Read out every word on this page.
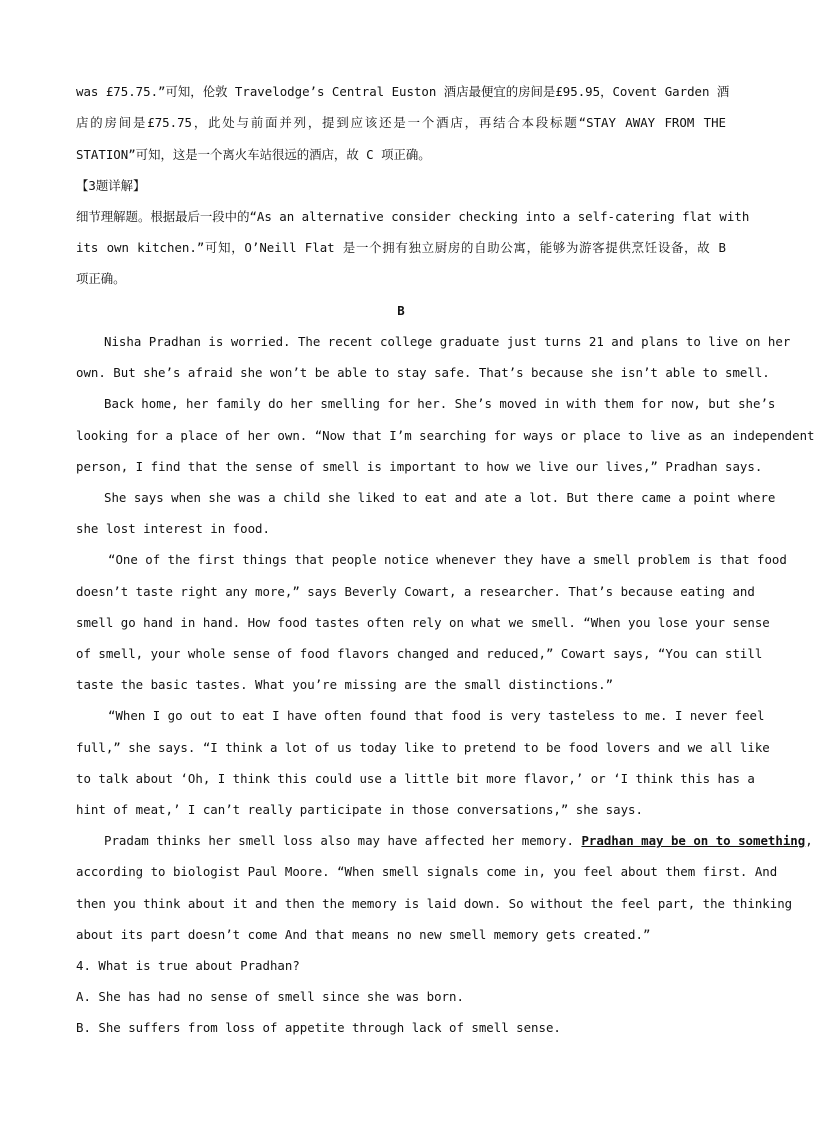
was £75.75.”可知，伦敦 Travelodge’s Central Euston 酒店最便宜的房间是£95.95，Covent Garden 酒
店的房间是£75.75，此处与前面并列，提到应该还是一个酒店，再结合本段标题“STAY AWAY FROM THE
STATION”可知，这是一个离火车站很远的酒店，故 C 项正确。
【3题详解】
细节理解题。根据最后一段中的“As an alternative consider checking into a self-catering flat with
its own kitchen.”可知，O’Neill Flat 是一个拥有独立厨房的自助公寓，能够为游客提供烹饪设备，故 B
项正确。
B
Nisha Pradhan is worried. The recent college graduate just turns 21 and plans to live on her
own. But she’s afraid she won’t be able to stay safe. That’s because she isn’t able to smell.
Back home, her family do her smelling for her. She’s moved in with them for now, but she’s
looking for a place of her own. “Now that I’m searching for ways or place to live as an independent
person, I find that the sense of smell is important to how we live our lives,” Pradhan says.
She says when she was a child she liked to eat and ate a lot. But there came a point where
she lost interest in food.
“One of the first things that people notice whenever they have a smell problem is that food
doesn’t taste right any more,” says Beverly Cowart, a researcher. That’s because eating and
smell go hand in hand. How food tastes often rely on what we smell. “When you lose your sense
of smell, your whole sense of food flavors changed and reduced,” Cowart says, “You can still
taste the basic tastes. What you’re missing are the small distinctions.”
“When I go out to eat I have often found that food is very tasteless to me. I never feel
full,” she says. “I think a lot of us today like to pretend to be food lovers and we all like
to talk about ‘Oh, I think this could use a little bit more flavor,’ or ‘I think this has a
hint of meat,’ I can’t really participate in those conversations,” she says.
Pradam thinks her smell loss also may have affected her memory. Pradhan may be on to something,
according to biologist Paul Moore. “When smell signals come in, you feel about them first. And
then you think about it and then the memory is laid down. So without the feel part, the thinking
about its part doesn’t come And that means no new smell memory gets created.”
4. What is true about Pradhan?
A. She has had no sense of smell since she was born.
B. She suffers from loss of appetite through lack of smell sense.
